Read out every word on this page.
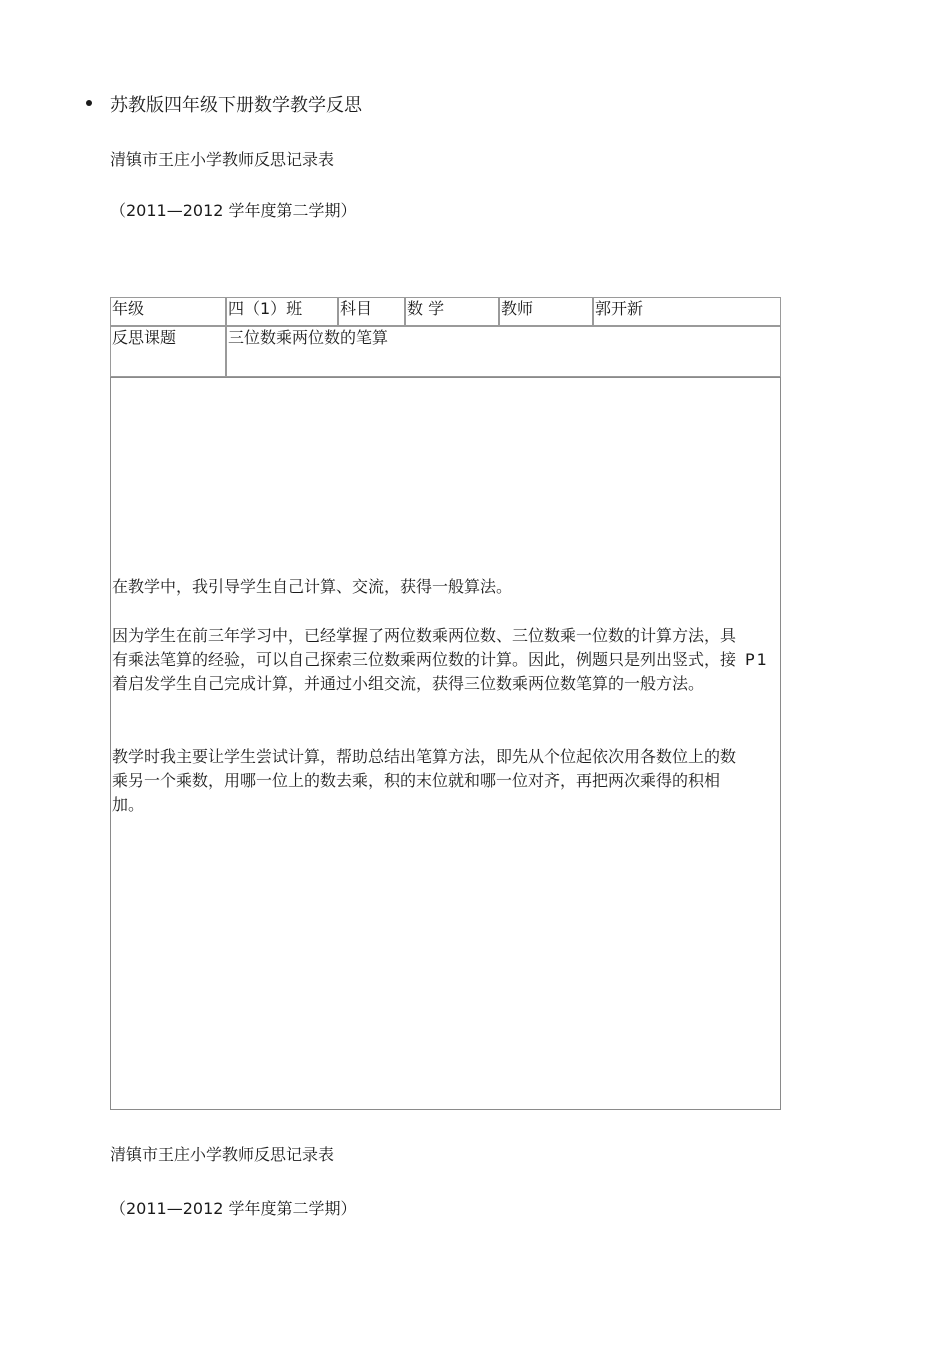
苏教版四年级下册数学教学反思
清镇市王庄小学教师反思记录表
（2011—2012 学年度第二学期）
年级	四（1）班	科目	数 学	教师	郭开新
反思课题	三位数乘两位数的笔算
在教学中，我引导学生自己计算、交流，获得一般算法。
因为学生在前三年学习中，已经掌握了两位数乘两位数、三位数乘一位数的计算方法，具有乘法笔算的经验，可以自己探索三位数乘两位数的计算。因此，例题只是列出竖式，接着启发学生自己完成计算，并通过小组交流，获得三位数乘两位数笔算的一般方法。
P1
教学时我主要让学生尝试计算，帮助总结出笔算方法，即先从个位起依次用各数位上的数乘另一个乘数，用哪一位上的数去乘，积的末位就和哪一位对齐，再把两次乘得的积相加。
清镇市王庄小学教师反思记录表
（2011—2012 学年度第二学期）
